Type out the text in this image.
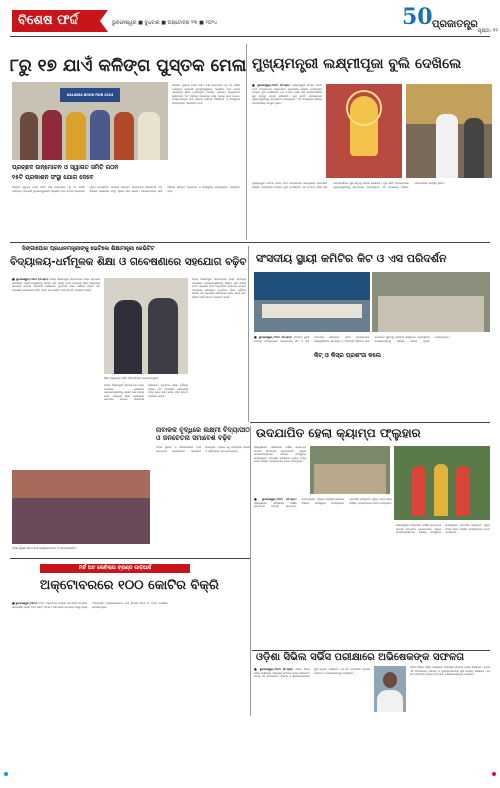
ବିଶେଷ ଫର୍ଦ୍ଦ	ଭୁବନେଶ୍ୱର ■ ବୁଧବାର ■ ଅକ୍ଟୋବର ୨୩ ■ ୨୦୨୪	50 ପ୍ରଜାତନ୍ତ୍ର
ପୃଷ୍ଠା: ୧୨
୮ରୁ ୧୭ ଯାଏଁ କଳିଙ୍ଗ ପୁସ୍ତକ ମେଳା
KALINGA BOOK FAIR 2024
କଳିଙ୍ଗ ପୁସ୍ତକ ମେଳା ଚଳିତ ବର୍ଷ ନଭେମ୍ବର ୮ରୁ ୧୭ ତାରିଖ ପର୍ଯ୍ୟନ୍ତ ରାଜଧାନୀ ଭୁବନେଶ୍ୱରରେ ଅନୁଷ୍ଠିତ ହେବ ବୋଲି ଆୟୋଜକ ସୂଚନା ଦେଇଛନ୍ତି। ମେଳାର ପ୍ରଚ୍ଛଦ ଉନ୍ମୋଚନ କରାଯାଇଛି ଏବଂ ବିଭିନ୍ନ ପ୍ରକାଶନ ସଂସ୍ଥା ଏଥିରେ ଭାଗ ନେବେ। ପାଠକମାନଙ୍କ ପାଇଁ ବିଭିନ୍ନ ସାହିତ୍ୟ ଆଲୋଚନା ଓ ସାଂସ୍କୃତିକ କାର୍ଯ୍ୟକ୍ରମ ଆୟୋଜିତ ହେବ।
ପ୍ରଚ୍ଛଦ ଉନ୍ମୋଚନ ଓ ସ୍ୱାଗତ ସମିତି ଗଠନ
୧୫ଟି ପ୍ରକାଶନ ସଂସ୍ଥା ଯୋଗ ଦେବେ
କଳିଙ୍ଗ ପୁସ୍ତକ ମେଳା ଚଳିତ ବର୍ଷ ନଭେମ୍ବର ୮ରୁ ୧୭ ତାରିଖ ପର୍ଯ୍ୟନ୍ତ ରାଜଧାନୀ ଭୁବନେଶ୍ୱରରେ ଅନୁଷ୍ଠିତ ହେବ ବୋଲି ଆୟୋଜକ ସୂଚନା ଦେଇଛନ୍ତି। ମେଳାର ପ୍ରଚ୍ଛଦ ଉନ୍ମୋଚନ କରାଯାଇଛି ଏବଂ ବିଭିନ୍ନ ପ୍ରକାଶନ ସଂସ୍ଥା ଏଥିରେ ଭାଗ ନେବେ। ପାଠକମାନଙ୍କ ପାଇଁ ବିଭିନ୍ନ ସାହିତ୍ୟ ଆଲୋଚନା ଓ ସାଂସ୍କୃତିକ କାର୍ଯ୍ୟକ୍ରମ ଆୟୋଜିତ ହେବ।
ମୁଖ୍ୟମନ୍ତ୍ରୀ ଲକ୍ଷ୍ମୀପୂଜା ବୁଲି ଦେଖିଲେ
■ ଭୁବନେଶ୍ୱର,୨୨ା୧୦ (ନି.ପ୍ର): ମୁଖ୍ୟମନ୍ତ୍ରୀ ମୋହନ ଚରଣ ମାଝୀ ମଙ୍ଗଳବାର ସନ୍ଧ୍ୟାରେ ରାଜଧାନୀର ବିଭିନ୍ନ ଲକ୍ଷ୍ମୀପୂଜା ମଣ୍ଡପ ବୁଲି ଦେଖିଛନ୍ତି। ସେ ମା'ଙ୍କ ଦର୍ଶନ କରି ରାଜ୍ୟବାସୀଙ୍କ ସୁଖ ସମୃଦ୍ଧି କାମନା କରିଛନ୍ତି। ପୂଜା କମିଟି ସଦସ୍ୟମାନେ ମୁଖ୍ୟମନ୍ତ୍ରୀଙ୍କୁ ସମ୍ବର୍ଦ୍ଧନା ଜଣାଇଥିଲେ। ଏହି ଅବସରରେ ବିଭିନ୍ନ ଜନପ୍ରତିନିଧି ଉପସ୍ଥିତ ଥିଲେ।
ମୁଖ୍ୟମନ୍ତ୍ରୀ ମୋହନ ଚରଣ ମାଝୀ ମଙ୍ଗଳବାର ସନ୍ଧ୍ୟାରେ ରାଜଧାନୀର ବିଭିନ୍ନ ଲକ୍ଷ୍ମୀପୂଜା ମଣ୍ଡପ ବୁଲି ଦେଖିଛନ୍ତି। ସେ ମା'ଙ୍କ ଦର୍ଶନ କରି ରାଜ୍ୟବାସୀଙ୍କ ସୁଖ ସମୃଦ୍ଧି କାମନା କରିଛନ୍ତି। ପୂଜା କମିଟି ସଦସ୍ୟମାନେ ମୁଖ୍ୟମନ୍ତ୍ରୀଙ୍କୁ ସମ୍ବର୍ଦ୍ଧନା ଜଣାଇଥିଲେ। ଏହି ଅବସରରେ ବିଭିନ୍ନ ଜନପ୍ରତିନିଧି ଉପସ୍ଥିତ ଥିଲେ।
ସିଙ୍ଗାପୋର ପ୍ରଧାନମନ୍ତ୍ରୀଙ୍କୁ ଭେଟିଲେ ଶିକ୍ଷାମନ୍ତ୍ରୀ ଜେଭିଟିଟ
ବିଦ୍ୟାଳୟ-ଧର୍ମମୂଳକ ଶିକ୍ଷା ଓ ଗବେଷଣାରେ ସହଯୋଗ ବଢ଼ିବ
■ ଭୁବନେଶ୍ୱର,୨୨ା୧୦ (ନି.ପ୍ର): ରାଜ୍ୟ ଶିକ୍ଷାମନ୍ତ୍ରୀ ସିଙ୍ଗାପୋର ଗସ୍ତ ସମୟରେ ସେଠାକାର ପ୍ରଧାନମନ୍ତ୍ରୀଙ୍କୁ ସାକ୍ଷାତ କରି ଉଭୟ ଦେଶ ମଧ୍ୟରେ ଶିକ୍ଷା କ୍ଷେତ୍ରରେ ସହଯୋଗ ଉପରେ ଆଲୋଚନା କରିଛନ୍ତି। ବୃତ୍ତିଗତ ଶିକ୍ଷା, କୌଶଳ ବିକାଶ ଏବଂ ଗବେଷଣା କ୍ଷେତ୍ରରେ ମିଳିତ ଭାବେ କାମ କରିବା ପାଇଁ ସହମତି ପ୍ରକାଶ ପାଇଛି।
ଶିକ୍ଷା ମନ୍ତ୍ରୀଙ୍କ ସହିତ ସିଙ୍ଗାପୋର ପ୍ରଧାନମନ୍ତ୍ରୀ।
ରାଜ୍ୟ ଶିକ୍ଷାମନ୍ତ୍ରୀ ସିଙ୍ଗାପୋର ଗସ୍ତ ସମୟରେ ସେଠାକାର ପ୍ରଧାନମନ୍ତ୍ରୀଙ୍କୁ ସାକ୍ଷାତ କରି ଉଭୟ ଦେଶ ମଧ୍ୟରେ ଶିକ୍ଷା କ୍ଷେତ୍ରରେ ସହଯୋଗ ଉପରେ ଆଲୋଚନା କରିଛନ୍ତି। ବୃତ୍ତିଗତ ଶିକ୍ଷା, କୌଶଳ ବିକାଶ ଏବଂ ଗବେଷଣା କ୍ଷେତ୍ରରେ ମିଳିତ ଭାବେ କାମ କରିବା ପାଇଁ ସହମତି ପ୍ରକାଶ ପାଇଛି।
ରାଜ୍ୟ ଶିକ୍ଷାମନ୍ତ୍ରୀ ସିଙ୍ଗାପୋର ଗସ୍ତ ସମୟରେ ସେଠାକାର ପ୍ରଧାନମନ୍ତ୍ରୀଙ୍କୁ ସାକ୍ଷାତ କରି ଉଭୟ ଦେଶ ମଧ୍ୟରେ ଶିକ୍ଷା କ୍ଷେତ୍ରରେ ସହଯୋଗ ଉପରେ ଆଲୋଚନା କରିଛନ୍ତି। ବୃତ୍ତିଗତ ଶିକ୍ଷା, କୌଶଳ ବିକାଶ ଏବଂ ଗବେଷଣା କ୍ଷେତ୍ରରେ ମିଳିତ ଭାବେ କାମ କରିବା ପାଇଁ ସହମତି ପ୍ରକାଶ ପାଇଛି।
ସଂସଦୀୟ ସ୍ଥାୟୀ କମିଟିର କିଟ ଓ ଏସ ପରିଦର୍ଶନ
■ ଭୁବନେଶ୍ୱର,୨୨ା୧୦ (ନି.ପ୍ର): ସଂସଦୀୟ ସ୍ଥାୟୀ କମିଟିର ସଦସ୍ୟମାନେ ମଙ୍ଗଳବାର କିଟ ଓ କିସ ପରିଦର୍ଶନ କରିଛନ୍ତି। କମିଟି ସଦସ୍ୟମାନେ ଶିକ୍ଷାନୁଷ୍ଠାନର ଭିତ୍ତିଭୂମି ଓ ଆଦିବାସୀ ପିଲାଙ୍କ ପାଇଁ ଉପଲବ୍ଧ ସୁବିଧାକୁ ପ୍ରଶଂସା କରିଥିଲେ। ପ୍ରତିଷ୍ଠାତା ସଦସ୍ୟମାନଙ୍କୁ ବିଭିନ୍ନ ବିଭାଗ ବୁଲାଇ ଦେଖାଇଥିଲେ।
କିଟ୍ ଓ କିସ୍‌ର ପ୍ରଶଂସା କଲେ
ଉଦଯାପିତ ହେଲା କ୍ୟାମ୍ପ ଫ୍ଲୁହାର
ଶିକ୍ଷାନୁଷ୍ଠାନ ପରିସରରେ ବାର୍ଷିକ କ୍ୟାମ୍ପସ ଉତ୍ସବ ଉଦଯାପିତ ହୋଇଯାଇଛି। ଏଥିରେ ଛାତ୍ରଛାତ୍ରୀମାନେ ବିଭିନ୍ନ ସାଂସ୍କୃତିକ କାର୍ଯ୍ୟକ୍ରମ ପ୍ରଦର୍ଶନ କରିଥିଲେ। ମୁଖ୍ୟ ଅତିଥି ଭାବେ ବିଶିଷ୍ଟ ବ୍ୟକ୍ତିମାନେ ଯୋଗ ଦେଇଥିଲେ।
■ ଭୁବନେଶ୍ୱର,୨୨ା୧୦ (ନି.ପ୍ର): ଶିକ୍ଷାନୁଷ୍ଠାନ ପରିସରରେ ବାର୍ଷିକ କ୍ୟାମ୍ପସ ଉତ୍ସବ ଉଦଯାପିତ ହୋଇଯାଇଛି। ଏଥିରେ ଛାତ୍ରଛାତ୍ରୀମାନେ ବିଭିନ୍ନ ସାଂସ୍କୃତିକ କାର୍ଯ୍ୟକ୍ରମ ପ୍ରଦର୍ଶନ କରିଥିଲେ। ମୁଖ୍ୟ ଅତିଥି ଭାବେ ବିଶିଷ୍ଟ ବ୍ୟକ୍ତିମାନେ ଯୋଗ ଦେଇଥିଲେ।
ଶିକ୍ଷାନୁଷ୍ଠାନ ପରିସରରେ ବାର୍ଷିକ କ୍ୟାମ୍ପସ ଉତ୍ସବ ଉଦଯାପିତ ହୋଇଯାଇଛି। ଏଥିରେ ଛାତ୍ରଛାତ୍ରୀମାନେ ବିଭିନ୍ନ ସାଂସ୍କୃତିକ କାର୍ଯ୍ୟକ୍ରମ ପ୍ରଦର୍ଶନ କରିଥିଲେ। ମୁଖ୍ୟ ଅତିଥି ଭାବେ ବିଶିଷ୍ଟ ବ୍ୟକ୍ତିମାନେ ଯୋଗ ଦେଇଥିଲେ।
ନାବାଳକ ବୃଦ୍ଧିରେ ଲକ୍ଷ୍ମୀ ବିଦ୍ୟାପୀଠ ଓ ଜନଚେତନା ସମାବେଶ ବଢ଼ିବ
ମହିଳା ସୁରକ୍ଷା ସଚେତନତା କାର୍ଯ୍ୟକ୍ରମରେ ଅଂଶଗ୍ରହଣକାରୀ।
ମହିଳା ସୁରକ୍ଷା ଓ ସଶକ୍ତିକରଣ ପାଇଁ ସଚେତନତା କାର୍ଯ୍ୟକ୍ରମ ଆୟୋଜିତ ହୋଇଥିଲା। ଏଥିରେ ବହୁ ସଂଖ୍ୟାରେ ଛାତ୍ରୀ ଓ ମହିଳାମାନେ ଭାଗ ନେଇଥିଲେ।
ମିର୍ଚି ଅଟ ଲେବିଲାଇ ବ୍ରାଣ୍ଡ ଗାଡ଼ିଆର୍ସ
ଅକ୍ଟୋବରରେ ୧୦୦ କୋଟିର ବିକ୍ରି
■ ଭୁବନେଶ୍ୱର,୨୨ା୧୦: ଚଳିତ ଅକ୍ଟୋବର ମାସରେ ପର୍ବପର୍ବାଣି ସମୟରେ କମ୍ପାନୀର ବିକ୍ରି ୧୦୦ କୋଟି ଟଙ୍କା ଟପିଛି ବୋଲି କମ୍ପାନୀ ପକ୍ଷରୁ ସୂଚନା ଦିଆଯାଇଛି। ଗ୍ରାହକମାନଙ୍କ ପାଇଁ ବିଶେଷ ରିହାତି ଓ ଅଫର ଘୋଷଣା କରାଯାଇଥିଲା।
ଓଡ଼ିଶା ସିଭିଲ ସର୍ଭିସ ପରୀକ୍ଷାରେ ଅଭିଷେକଙ୍କ ସଫଳତା
■ ଭୁବନେଶ୍ୱର,୨୨ା୧୦ (ନି.ପ୍ର): ଓଡ଼ିଶା ସିଭିଲ ସର୍ଭିସ ପରୀକ୍ଷାରେ ଅଭିଷେକ ସଫଳତା ହାସଲ କରିଛନ୍ତି। ତାଙ୍କ ଏହି ସଫଳତାରେ ପରିବାର ଓ ଶୁଭଚିନ୍ତକମାନେ ଖୁସି ବ୍ୟକ୍ତ କରିଛନ୍ତି। ସେ ନିଜ ସଫଳତାର ଶ୍ରେୟ ପିତାମାତା ଓ ଶିକ୍ଷକମାନଙ୍କୁ ଦେଇଛନ୍ତି।
ଓଡ଼ିଶା ସିଭିଲ ସର୍ଭିସ ପରୀକ୍ଷାରେ ଅଭିଷେକ ସଫଳତା ହାସଲ କରିଛନ୍ତି। ତାଙ୍କ ଏହି ସଫଳତାରେ ପରିବାର ଓ ଶୁଭଚିନ୍ତକମାନେ ଖୁସି ବ୍ୟକ୍ତ କରିଛନ୍ତି। ସେ ନିଜ ସଫଳତାର ଶ୍ରେୟ ପିତାମାତା ଓ ଶିକ୍ଷକମାନଙ୍କୁ ଦେଇଛନ୍ତି।
